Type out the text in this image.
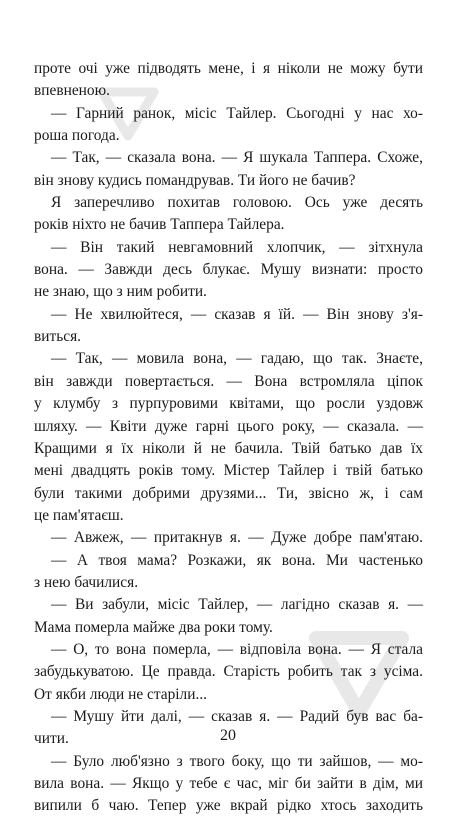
проте очі уже підводять мене, і я ніколи не можу бути
впевненою.
— Гарний ранок, місіс Тайлер. Сьогодні у нас хо-
роша погода.
— Так, — сказала вона. — Я шукала Таппера. Схоже,
він знову кудись помандрував. Ти його не бачив?
Я заперечливо похитав головою. Ось уже десять
років ніхто не бачив Таппера Тайлера.
— Він такий невгамовний хлопчик, — зітхнула
вона. — Завжди десь блукає. Мушу визнати: просто
не знаю, що з ним робити.
— Не хвилюйтеся, — сказав я їй. — Він знову з'я-
виться.
— Так, — мовила вона, — гадаю, що так. Знаєте,
він завжди повертається. — Вона встромляла ціпок
у клумбу з пурпуровими квітами, що росли уздовж
шляху. — Квіти дуже гарні цього року, — сказала. —
Кращими я їх ніколи й не бачила. Твій батько дав їх
мені двадцять років тому. Містер Тайлер і твій батько
були такими добрими друзями... Ти, звісно ж, і сам
це пам'ятаєш.
— Авжеж, — притакнув я. — Дуже добре пам'ятаю.
— А твоя мама? Розкажи, як вона. Ми частенько
з нею бачилися.
— Ви забули, місіс Тайлер, — лагідно сказав я. —
Мама померла майже два роки тому.
— О, то вона померла, — відповіла вона. — Я стала
забудькуватою. Це правда. Старість робить так з усіма.
От якби люди не старіли...
— Мушу йти далі, — сказав я. — Радий був вас ба-
чити.
— Було люб'язно з твого боку, що ти зайшов, — мо-
вила вона. — Якщо у тебе є час, міг би зайти в дім, ми
випили б чаю. Тепер уже вкрай рідко хтось заходить
20
